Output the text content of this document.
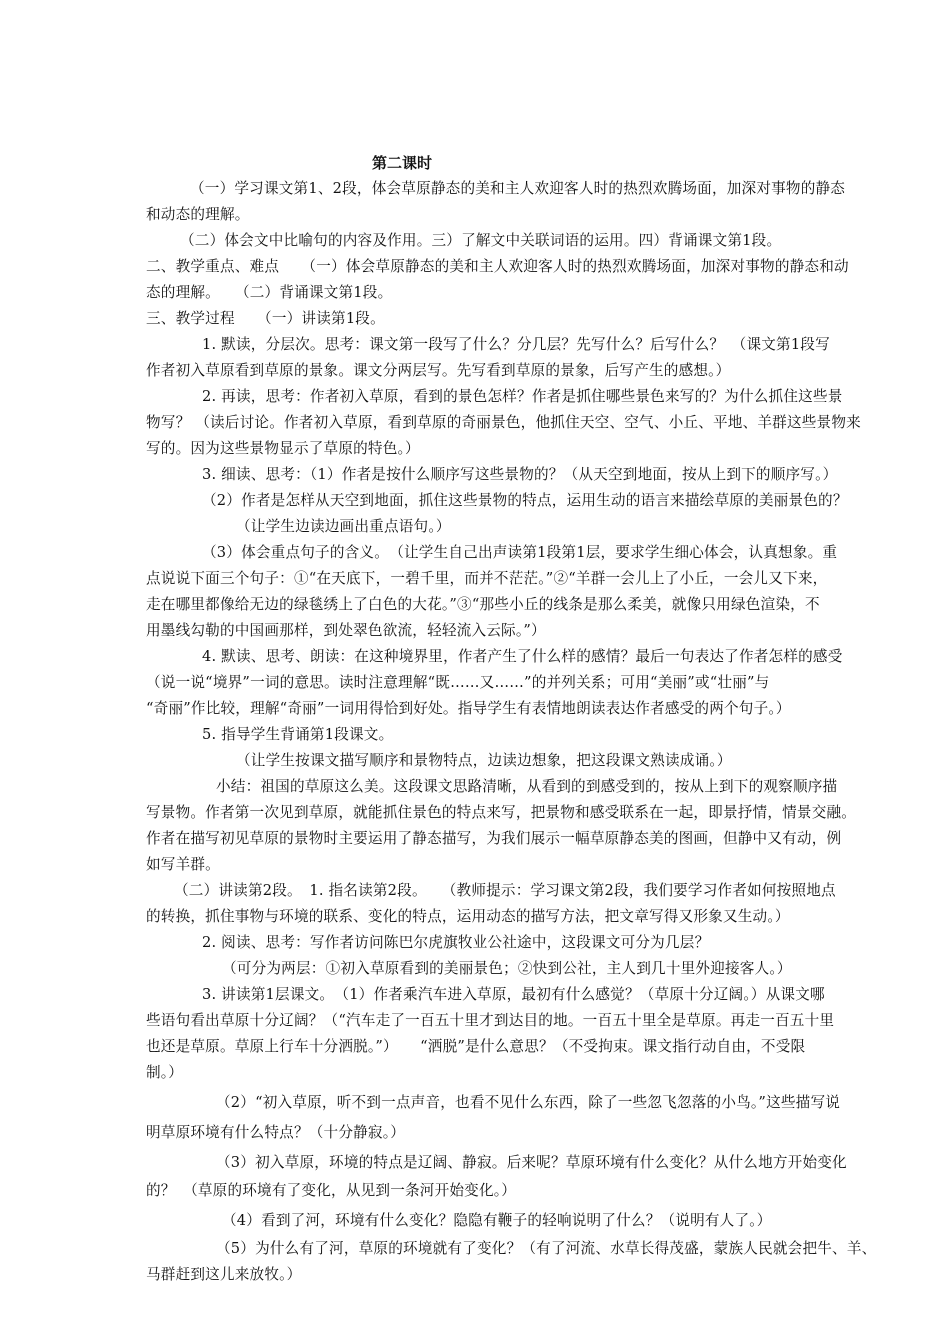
第二课时
（一）学习课文第1、2段，体会草原静态的美和主人欢迎客人时的热烈欢腾场面，加深对事物的静态
和动态的理解。
（二）体会文中比喻句的内容及作用。三）了解文中关联词语的运用。四）背诵课文第1段。
二、教学重点、难点　　（一）体会草原静态的美和主人欢迎客人时的热烈欢腾场面，加深对事物的静态和动
态的理解。　　（二）背诵课文第1段。
三、教学过程　　（一）讲读第1段。
1. 默读，分层次。思考：课文第一段写了什么？分几层？先写什么？后写什么？　（课文第1段写
作者初入草原看到草原的景象。课文分两层写。先写看到草原的景象，后写产生的感想。）
2. 再读，思考：作者初入草原，看到的景色怎样？作者是抓住哪些景色来写的？为什么抓住这些景
物写？ （读后讨论。作者初入草原，看到草原的奇丽景色，他抓住天空、空气、小丘、平地、羊群这些景物来
写的。因为这些景物显示了草原的特色。）
3. 细读、思考：（1）作者是按什么顺序写这些景物的？（从天空到地面，按从上到下的顺序写。）
（2）作者是怎样从天空到地面，抓住这些景物的特点，运用生动的语言来描绘草原的美丽景色的？
（让学生边读边画出重点语句。）
（3）体会重点句子的含义。　（让学生自己出声读第1段第1层，要求学生细心体会，认真想象。重
点说说下面三个句子：①“在天底下，一碧千里，而并不茫茫。”②“羊群一会儿上了小丘，一会儿又下来，
走在哪里都像给无边的绿毯绣上了白色的大花。”③“那些小丘的线条是那么柔美，就像只用绿色渲染，不
用墨线勾勒的中国画那样，到处翠色欲流，轻轻流入云际。”）
4. 默读、思考、朗读：在这种境界里，作者产生了什么样的感情？最后一句表达了作者怎样的感受
（说一说“境界”一词的意思。读时注意理解“既……又……”的并列关系；可用“美丽”或“壮丽”与
“奇丽”作比较，理解“奇丽”一词用得恰到好处。指导学生有表情地朗读表达作者感受的两个句子。）
5. 指导学生背诵第1段课文。
（让学生按课文描写顺序和景物特点，边读边想象，把这段课文熟读成诵。）
小结：祖国的草原这么美。这段课文思路清晰，从看到的到感受到的，按从上到下的观察顺序描
写景物。作者第一次见到草原，就能抓住景色的特点来写，把景物和感受联系在一起，即景抒情，情景交融。
作者在描写初见草原的景物时主要运用了静态描写，为我们展示一幅草原静态美的图画，但静中又有动，例
如写羊群。
（二）讲读第2段。　1. 指名读第2段。　　（教师提示：学习课文第2段，我们要学习作者如何按照地点
的转换，抓住事物与环境的联系、变化的特点，运用动态的描写方法，把文章写得又形象又生动。）
2. 阅读、思考：写作者访问陈巴尔虎旗牧业公社途中，这段课文可分为几层？
（可分为两层：①初入草原看到的美丽景色；②快到公社，主人到几十里外迎接客人。）
3. 讲读第1层课文。　（1）作者乘汽车进入草原，最初有什么感觉？（草原十分辽阔。）从课文哪
些语句看出草原十分辽阔？（“汽车走了一百五十里才到达目的地。一百五十里全是草原。再走一百五十里
也还是草原。草原上行车十分洒脱。”）　　“洒脱”是什么意思？（不受拘束。课文指行动自由，不受限
制。）
（2）“初入草原，听不到一点声音，也看不见什么东西，除了一些忽飞忽落的小鸟。”这些描写说
明草原环境有什么特点？（十分静寂。）
（3）初入草原，环境的特点是辽阔、静寂。后来呢？草原环境有什么变化？从什么地方开始变化
的？　（草原的环境有了变化，从见到一条河开始变化。）
（4）看到了河，环境有什么变化？隐隐有鞭子的轻响说明了什么？（说明有人了。）
（5）为什么有了河，草原的环境就有了变化？（有了河流、水草长得茂盛，蒙族人民就会把牛、羊、
马群赶到这儿来放牧。）
